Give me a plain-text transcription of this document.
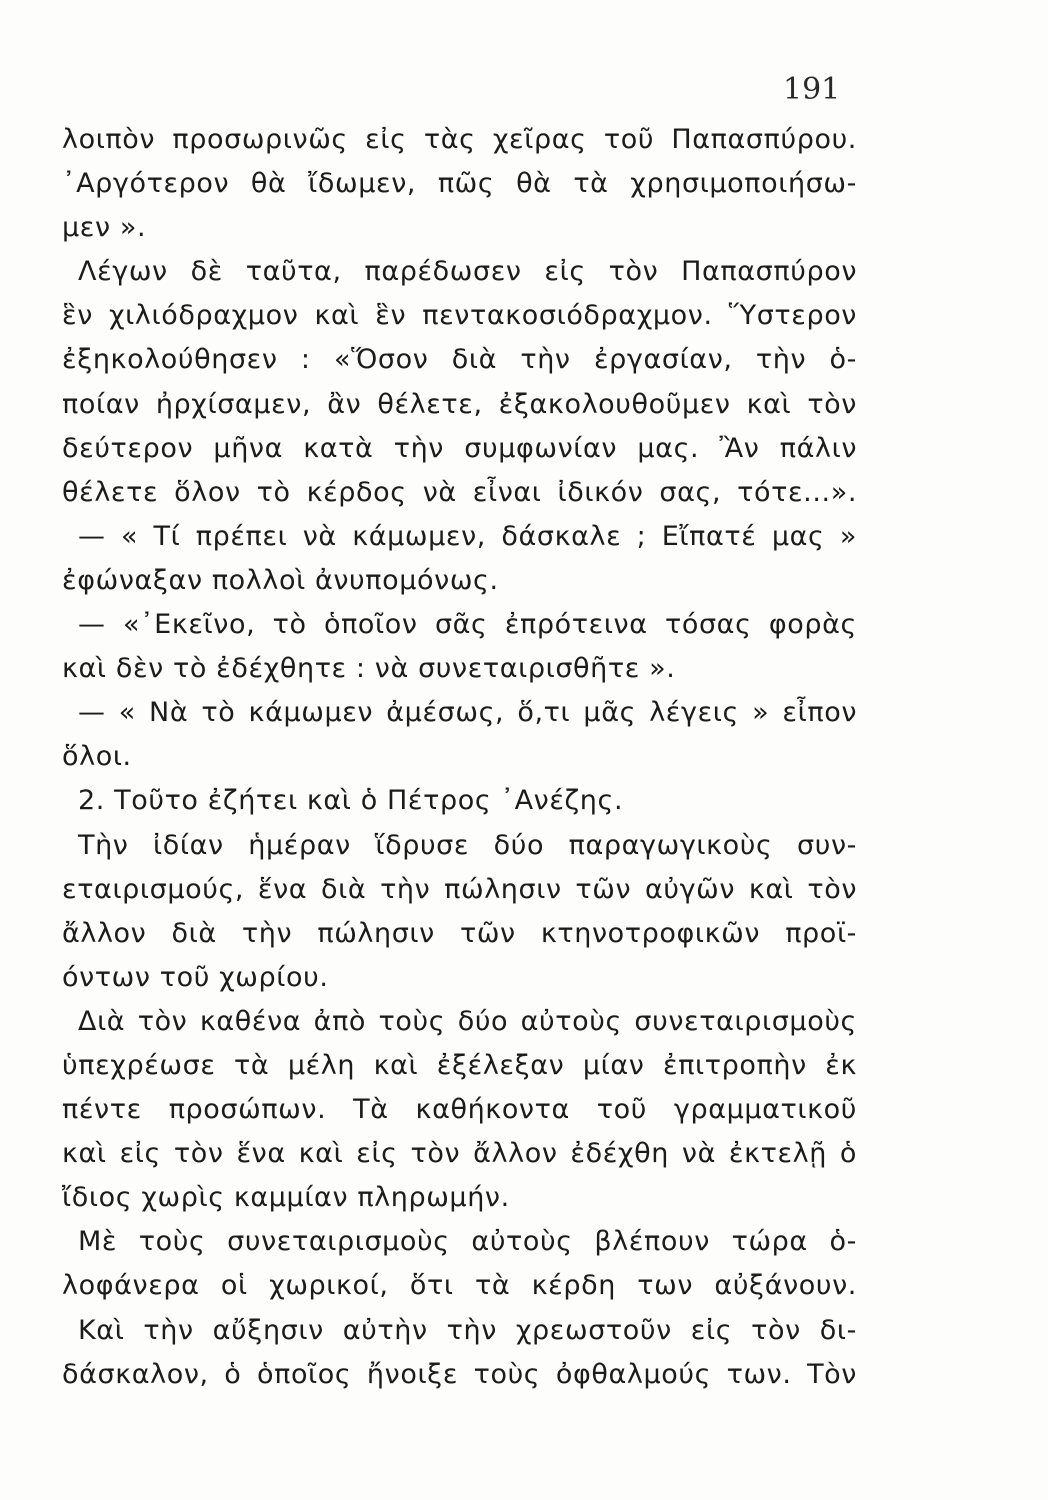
191
λοιπὸν προσωρινῶς εἰς τὰς χεῖρας τοῦ Παπασπύρου.
᾽Αργότερον θὰ ἴδωμεν, πῶς θὰ τὰ χρησιμοποιήσω-
μεν ».
Λέγων δὲ ταῦτα, παρέδωσεν εἰς τὸν Παπασπύρον
ἓν χιλιόδραχμον καὶ ἓν πεντακοσιόδραχμον. Ὕστερον
ἐξηκολούθησεν : «Ὅσον διὰ τὴν ἐργασίαν, τὴν ὁ-
ποίαν ἠρχίσαμεν, ἂν θέλετε, ἐξακολουθοῦμεν καὶ τὸν
δεύτερον μῆνα κατὰ τὴν συμφωνίαν μας. Ἂν πάλιν
θέλετε ὅλον τὸ κέρδος νὰ εἶναι ἰδικόν σας, τότε...».
— « Τί πρέπει νὰ κάμωμεν, δάσκαλε ; Εἴπατέ μας »
ἐφώναξαν πολλοὶ ἀνυπομόνως.
— «᾽Εκεῖνο, τὸ ὁποῖον σᾶς ἐπρότεινα τόσας φορὰς
καὶ δὲν τὸ ἐδέχθητε : νὰ συνεταιρισθῆτε ».
— « Νὰ τὸ κάμωμεν ἀμέσως, ὅ,τι μᾶς λέγεις » εἶπον
ὅλοι.
2. Τοῦτο ἐζήτει καὶ ὁ Πέτρος ᾽Ανέζης.
Τὴν ἰδίαν ἡμέραν ἵδρυσε δύο παραγωγικοὺς συν-
εταιρισμούς, ἕνα διὰ τὴν πώλησιν τῶν αὐγῶν καὶ τὸν
ἄλλον διὰ τὴν πώλησιν τῶν κτηνοτροφικῶν προϊ-
όντων τοῦ χωρίου.
Διὰ τὸν καθένα ἀπὸ τοὺς δύο αὐτοὺς συνεταιρισμοὺς
ὑπεχρέωσε τὰ μέλη καὶ ἐξέλεξαν μίαν ἐπιτροπὴν ἐκ
πέντε προσώπων. Τὰ καθήκοντα τοῦ γραμματικοῦ
καὶ εἰς τὸν ἕνα καὶ εἰς τὸν ἄλλον ἐδέχθη νὰ ἐκτελῇ ὁ
ἴδιος χωρὶς καμμίαν πληρωμήν.
Μὲ τοὺς συνεταιρισμοὺς αὐτοὺς βλέπουν τώρα ὁ-
λοφάνερα οἱ χωρικοί, ὅτι τὰ κέρδη των αὐξάνουν.
Καὶ τὴν αὔξησιν αὐτὴν τὴν χρεωστοῦν εἰς τὸν δι-
δάσκαλον, ὁ ὁποῖος ἤνοιξε τοὺς ὀφθαλμούς των. Τὸν
